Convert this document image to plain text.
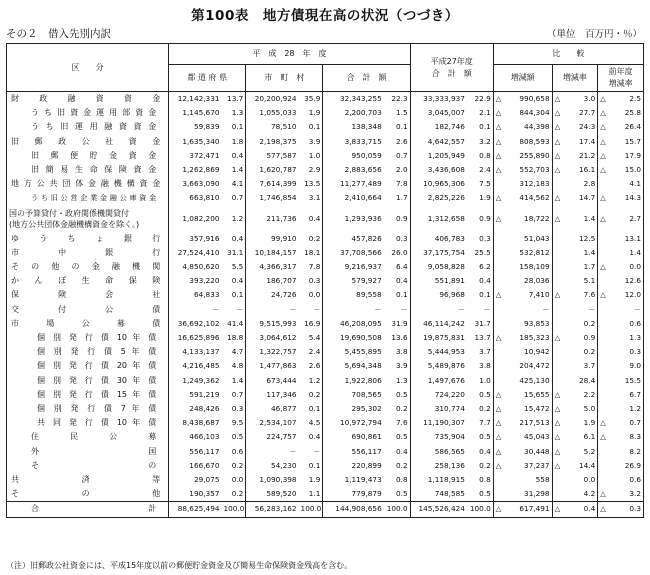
第100表　地方債現在高の状況（つづき）
その２　借入先別内訳	（単位　百万円・％）
区　　分	平　成　28　年　度						平成27年度
合　計　額		比　　較					
	都 道 府 県		市　町　村		合　計　額				増減額		増減率		前年度
増減率	

財　政　融　資　資　金	12,142,331	13.7	20,200,924	35.9	32,343,255	22.3	33,333,937	22.9	△	990,658	△	3.0	△	2.5
うち旧資金運用部資金	1,145,670	1.3	1,055,033	1.9	2,200,703	1.5	3,045,007	2.1	△	844,304	△	27.7	△	25.8
うち旧運用融資資金	59,839	0.1	78,510	0.1	138,348	0.1	182,746	0.1	△	44,398	△	24.3	△	26.4
旧　郵　政　公　社　資　金	1,635,340	1.8	2,198,375	3.9	3,833,715	2.6	4,642,557	3.2	△	808,593	△	17.4	△	15.7
旧　郵　便　貯　金　資　金	372,471	0.4	577,587	1.0	950,059	0.7	1,205,949	0.8	△	255,890	△	21.2	△	17.9
旧簡易生命保険資金	1,262,869	1.4	1,620,787	2.9	2,883,656	2.0	3,436,608	2.4	△	552,703	△	16.1	△	15.0
地方公共団体金融機構資金	3,663,090	4.1	7,614,399	13.5	11,277,489	7.8	10,965,306	7.5		312,183		2.8		4.1
うち旧公営企業金融公庫資金	663,810	0.7	1,746,854	3.1	2,410,664	1.7	2,825,226	1.9	△	414,562	△	14.7	△	14.3

国の予算貸付・政府関係機関貸付
(地方公共団体金融機構資金を除く。)	1,082,200	1.2	211,736	0.4	1,293,936	0.9	1,312,658	0.9	△	18,722	△	1.4	△	2.7
ゆ　う　ち　ょ　銀　行	357,916	0.4	99,910	0.2	457,826	0.3	406,783	0.3		51,043		12.5		13.1
市　　中　　銀　　行	27,524,410	31.1	10,184,157	18.1	37,708,566	26.0	37,175,754	25.5		532,812		1.4		1.4
そ　の　他　の　金　融　機　関	4,850,620	5.5	4,366,317	7.8	9,216,937	6.4	9,058,828	6.2		158,109		1.7	△	0.0
か　ん　ぽ　生　命　保　険	393,220	0.4	186,707	0.3	579,927	0.4	551,891	0.4		28,036		5.1		12.6
保　　険　　会　　社	64,833	0.1	24,726	0.0	89,558	0.1	96,968	0.1	△	7,410	△	7.6	△	12.0
交　　付　　公　　債	－	－	－	－	－	－	－	－		－		－		－
市　　場　　公　　募　　債	36,692,102	41.4	9,515,993	16.9	46,208,095	31.9	46,114,242	31.7		93,853		0.2		0.6
個 別 発 行 債 10 年 債	16,625,896	18.8	3,064,612	5.4	19,690,508	13.6	19,875,831	13.7	△	185,323	△	0.9		1.3
個 別 発 行 債 5 年 債	4,133,137	4.7	1,322,757	2.4	5,455,895	3.8	5,444,953	3.7		10,942		0.2		0.3
個 別 発 行 債 20 年 債	4,216,485	4.8	1,477,863	2.6	5,694,348	3.9	5,489,876	3.8		204,472		3.7		9.0
個 別 発 行 債 30 年 債	1,249,362	1.4	673,444	1.2	1,922,806	1.3	1,497,676	1.0		425,130		28.4		15.5
個 別 発 行 債 15 年 債	591,219	0.7	117,346	0.2	708,565	0.5	724,220	0.5	△	15,655	△	2.2		6.7
個 別 発 行 債 7 年 債	248,426	0.3	46,877	0.1	295,302	0.2	310,774	0.2	△	15,472	△	5.0		1.2
共 同 発 行 債 10 年 債	8,438,687	9.5	2,534,107	4.5	10,972,794	7.6	11,190,307	7.7	△	217,513	△	1.9	△	0.7
住　　民　　公　　募	466,103	0.5	224,757	0.4	690,861	0.5	735,904	0.5	△	45,043	△	6.1	△	8.3
外　　　　　　国	556,117	0.6	－	－	556,117	0.4	586,565	0.4	△	30,448	△	5.2		8.2
そ　　　　　の	166,670	0.2	54,230	0.1	220,899	0.2	258,136	0.2	△	37,237	△	14.4		26.9
共　　　済　　　等	29,075	0.0	1,090,398	1.9	1,119,473	0.8	1,118,915	0.8		558		0.0		0.6
そ　　　の　　　他	190,357	0.2	589,520	1.1	779,879	0.5	748,585	0.5		31,298		4.2	△	3.2
合　　　　　　　　計	88,625,494	100.0	56,283,162	100.0	144,908,656	100.0	145,526,424	100.0	△	617,491	△	0.4	△	0.3
（注）旧郵政公社資金には、平成15年度以前の郵便貯金資金及び簡易生命保険資金残高を含む。
